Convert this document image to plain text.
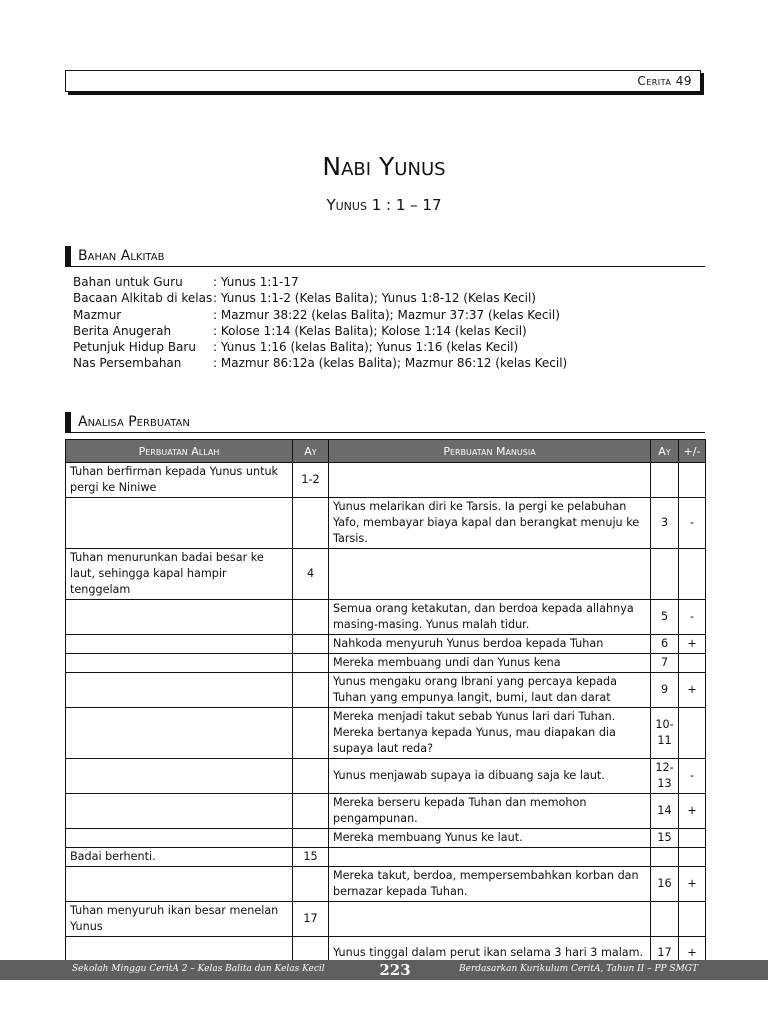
Cerita 49
Nabi Yunus
Yunus 1 : 1 – 17
Bahan Alkitab
Bahan untuk Guru	: Yunus 1:1-17
Bacaan Alkitab di kelas : Yunus 1:1-2 (Kelas Balita); Yunus 1:8-12 (Kelas Kecil)
Mazmur	: Mazmur 38:22 (kelas Balita); Mazmur 37:37 (kelas Kecil)
Berita Anugerah	: Kolose 1:14 (Kelas Balita); Kolose 1:14 (kelas Kecil)
Petunjuk Hidup Baru	: Yunus 1:16 (kelas Balita); Yunus 1:16 (kelas Kecil)
Nas Persembahan	: Mazmur 86:12a (kelas Balita); Mazmur 86:12 (kelas Kecil)
Analisa Perbuatan
Perbuatan Allah	Ay	Perbuatan Manusia	Ay	+/-
Tuhan berfirman kepada Yunus untuk pergi ke Niniwe	1-2			
		Yunus melarikan diri ke Tarsis. Ia pergi ke pelabuhan Yafo, membayar biaya kapal dan berangkat menuju ke Tarsis.	3	-
Tuhan menurunkan badai besar ke laut, sehingga kapal hampir tenggelam	4			
		Semua orang ketakutan, dan berdoa kepada allahnya masing-masing. Yunus malah tidur.	5	-
		Nahkoda menyuruh Yunus berdoa kepada Tuhan	6	+
		Mereka membuang undi dan Yunus kena	7	
		Yunus mengaku orang Ibrani yang percaya kepada Tuhan yang empunya langit, bumi, laut dan darat	9	+
		Mereka menjadi takut sebab Yunus lari dari Tuhan. Mereka bertanya kepada Yunus, mau diapakan dia supaya laut reda?	10-11	
		Yunus menjawab supaya ia dibuang saja ke laut.	12-13	-
		Mereka berseru kepada Tuhan dan memohon pengampunan.	14	+
		Mereka membuang Yunus ke laut.	15	
Badai berhenti.	15			
		Mereka takut, berdoa, mempersembahkan korban dan bernazar kepada Tuhan.	16	+
Tuhan menyuruh ikan besar menelan Yunus	17			
		Yunus tinggal dalam perut ikan selama 3 hari 3 malam.	17	+
Sekolah Minggu CeritA 2 – Kelas Balita dan Kelas Kecil	223	Berdasarkan Kurikulum CeritA, Tahun II – PP SMGT
